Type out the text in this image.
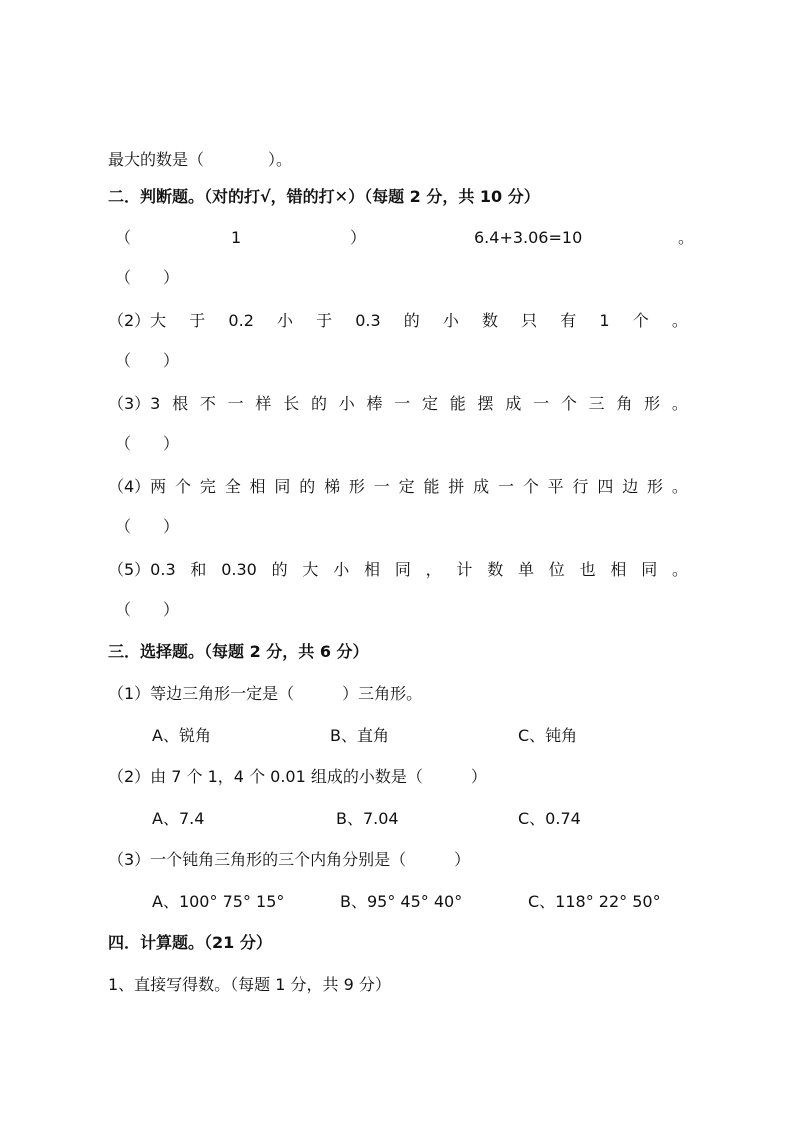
最大的数是（　　　　）。
二．判断题。（对的打√，错的打✕）（每题 2 分，共 10 分）
（	1	）	6.4+3.06=10	。
（　　）
（2）大 于 0.2 小 于 0.3 的 小 数 只 有 1 个 。
（　　）
（3）3 根 不 一 样 长 的 小 棒 一 定 能 摆 成 一 个 三 角 形 。
（　　）
（4）两 个 完 全 相 同 的 梯 形 一 定 能 拼 成 一 个 平 行 四 边 形 。
（　　）
（5）0.3 和 0.30 的 大 小 相 同 ， 计 数 单 位 也 相 同 。
（　　）
三．选择题。（每题 2 分，共 6 分）
（1）等边三角形一定是（　　　）三角形。
A、锐角	B、直角	C、钝角
（2）由 7 个 1，4 个 0.01 组成的小数是（　　　）
A、7.4	B、7.04	C、0.74
（3）一个钝角三角形的三个内角分别是（　　　）
A、100° 75° 15°	B、95° 45° 40°	C、118° 22° 50°
四．计算题。（21 分）
1、直接写得数。（每题 1 分，共 9 分）
